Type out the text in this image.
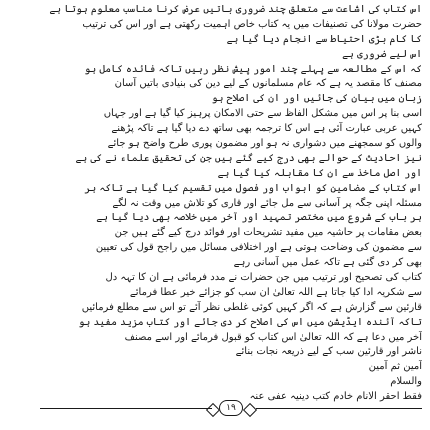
اس کتاب کی اشاعت سے متعلق چند ضروری باتیں عرض کرنا مناسب معلوم ہوتا ہے
حضرت مولانا کی تصنیفات میں یہ کتاب خاص اہمیت رکھتی ہے اور اس کی ترتیب
کا کام بڑی احتیاط سے انجام دیا گیا ہے
اس لیے ضروری ہے
کہ اس کے مطالعہ سے پہلے چند امور پیش نظر رہیں تاکہ فائدہ کامل ہو
مصنف کا مقصد یہ ہے کہ عام مسلمانوں کے لیے دین کی بنیادی باتیں آسان
زبان میں بیان کی جائیں اور ان کی اصلاح ہو
اسی بنا پر اس میں مشکل الفاظ سے حتی الامکان پرہیز کیا گیا ہے اور جہاں
کہیں عربی عبارت آئی ہے اس کا ترجمہ بھی ساتھ دے دیا گیا ہے تاکہ پڑھنے
والوں کو سمجھنے میں دشواری نہ ہو اور مضمون پوری طرح واضح ہو جائے
نیز احادیث کے حوالے بھی درج کیے گئے ہیں جن کی تحقیق علماء نے کی ہے
اور اصل ماخذ سے ان کا مقابلہ کیا گیا ہے
اس کتاب کے مضامین کو ابواب اور فصول میں تقسیم کیا گیا ہے تاکہ ہر
مسئلہ اپنی جگہ پر آسانی سے مل جائے اور قاری کو تلاش میں وقت نہ لگے
ہر باب کے شروع میں مختصر تمہید اور آخر میں خلاصہ بھی دیا گیا ہے
بعض مقامات پر حاشیہ میں مفید تشریحات اور فوائد درج کیے گئے ہیں جن
سے مضمون کی وضاحت ہوتی ہے اور اختلافی مسائل میں راجح قول کی تعیین
بھی کر دی گئی ہے تاکہ عمل میں آسانی رہے
کتاب کی تصحیح اور ترتیب میں جن حضرات نے مدد فرمائی ہے ان کا تہہ دل
سے شکریہ ادا کیا جاتا ہے اللہ تعالیٰ ان سب کو جزائے خیر عطا فرمائے
قارئین سے گزارش ہے کہ اگر کہیں کوئی غلطی نظر آئے تو اس سے مطلع فرمائیں
تاکہ آئندہ ایڈیشن میں اس کی اصلاح کر دی جائے اور کتاب مزید مفید ہو
آخر میں دعا ہے کہ اللہ تعالیٰ اس کتاب کو قبول فرمائے اور اسے مصنف
ناشر اور قارئین سب کے لیے ذریعہ نجات بنائے
آمین ثم آمین
والسلام
فقط احقر الانام خادم کتب دینیہ عفی عنہ
۱۹
